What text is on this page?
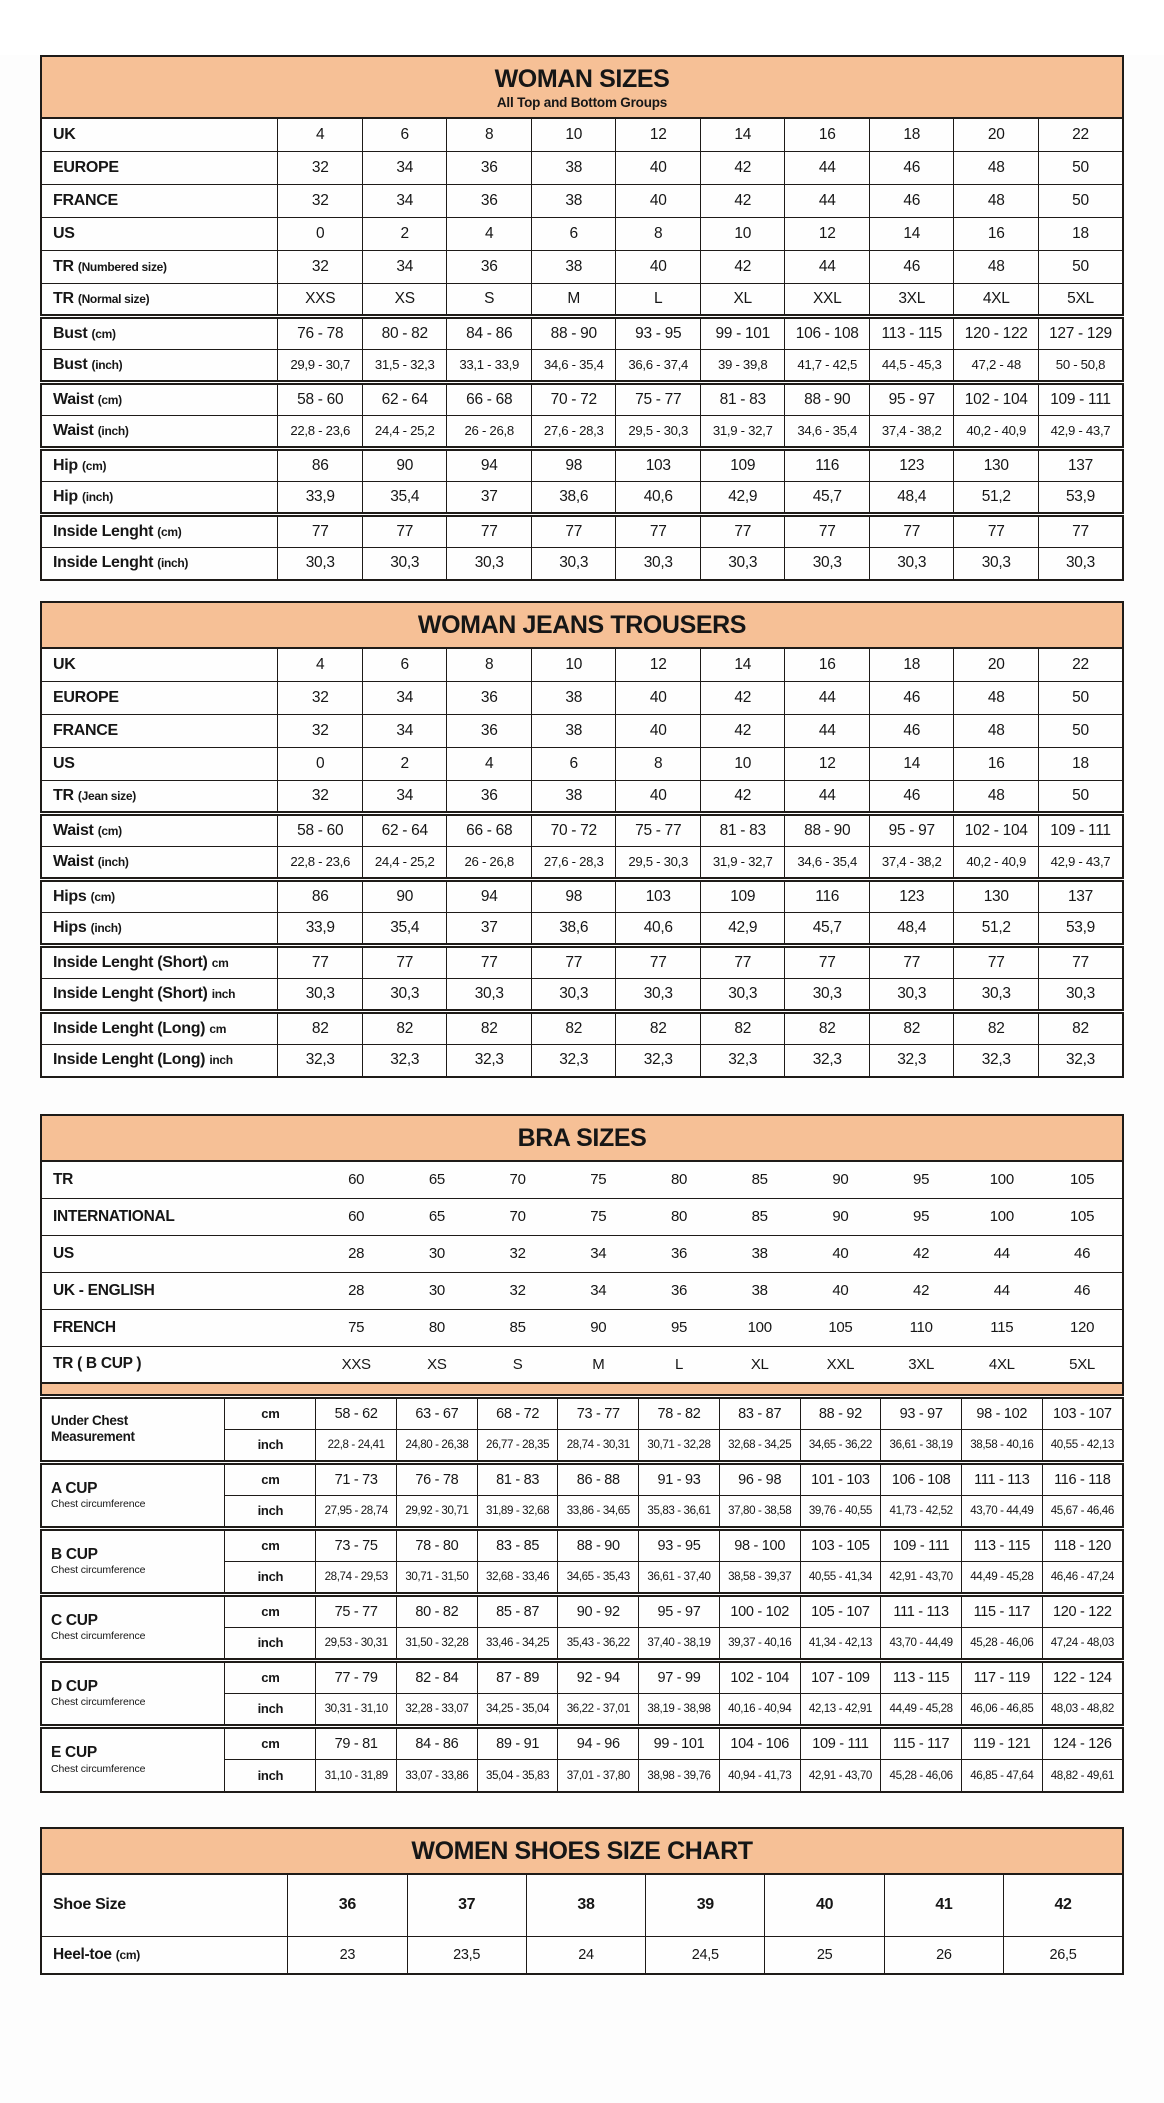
WOMAN SIZES
All Top and Bottom Groups
UK	4	6	8	10	12	14	16	18	20	22
EUROPE	32	34	36	38	40	42	44	46	48	50
FRANCE	32	34	36	38	40	42	44	46	48	50
US	0	2	4	6	8	10	12	14	16	18
TR (Numbered size)	32	34	36	38	40	42	44	46	48	50
TR (Normal size)	XXS	XS	S	M	L	XL	XXL	3XL	4XL	5XL
Bust (cm)	76 - 78	80 - 82	84 - 86	88 - 90	93 - 95	99 - 101	106 - 108	113 - 115	120 - 122	127 - 129
Bust (inch)	29,9 - 30,7	31,5 - 32,3	33,1 - 33,9	34,6 - 35,4	36,6 - 37,4	39 - 39,8	41,7 - 42,5	44,5 - 45,3	47,2 - 48	50 - 50,8
Waist (cm)	58 - 60	62 - 64	66 - 68	70 - 72	75 - 77	81 - 83	88 - 90	95 - 97	102 - 104	109 - 111
Waist (inch)	22,8 - 23,6	24,4 - 25,2	26 - 26,8	27,6 - 28,3	29,5 - 30,3	31,9 - 32,7	34,6 - 35,4	37,4 - 38,2	40,2 - 40,9	42,9 - 43,7
Hip (cm)	86	90	94	98	103	109	116	123	130	137
Hip (inch)	33,9	35,4	37	38,6	40,6	42,9	45,7	48,4	51,2	53,9
Inside Lenght (cm)	77	77	77	77	77	77	77	77	77	77
Inside Lenght (inch)	30,3	30,3	30,3	30,3	30,3	30,3	30,3	30,3	30,3	30,3
WOMAN JEANS TROUSERS
UK	4	6	8	10	12	14	16	18	20	22
EUROPE	32	34	36	38	40	42	44	46	48	50
FRANCE	32	34	36	38	40	42	44	46	48	50
US	0	2	4	6	8	10	12	14	16	18
TR (Jean size)	32	34	36	38	40	42	44	46	48	50
Waist (cm)	58 - 60	62 - 64	66 - 68	70 - 72	75 - 77	81 - 83	88 - 90	95 - 97	102 - 104	109 - 111
Waist (inch)	22,8 - 23,6	24,4 - 25,2	26 - 26,8	27,6 - 28,3	29,5 - 30,3	31,9 - 32,7	34,6 - 35,4	37,4 - 38,2	40,2 - 40,9	42,9 - 43,7
Hips (cm)	86	90	94	98	103	109	116	123	130	137
Hips (inch)	33,9	35,4	37	38,6	40,6	42,9	45,7	48,4	51,2	53,9
Inside Lenght (Short) cm	77	77	77	77	77	77	77	77	77	77
Inside Lenght (Short) inch	30,3	30,3	30,3	30,3	30,3	30,3	30,3	30,3	30,3	30,3
Inside Lenght (Long) cm	82	82	82	82	82	82	82	82	82	82
Inside Lenght (Long) inch	32,3	32,3	32,3	32,3	32,3	32,3	32,3	32,3	32,3	32,3
BRA SIZES
TR		60	65	70	75	80	85	90	95	100	105
INTERNATIONAL		60	65	70	75	80	85	90	95	100	105
US		28	30	32	34	36	38	40	42	44	46
UK - ENGLISH		28	30	32	34	36	38	40	42	44	46
FRENCH		75	80	85	90	95	100	105	110	115	120
TR ( B CUP )		XXS	XS	S	M	L	XL	XXL	3XL	4XL	5XL

Under Chest
Measurement	cm	58 - 62	63 - 67	68 - 72	73 - 77	78 - 82	83 - 87	88 - 92	93 - 97	98 - 102	103 - 107
	inch	22,8 - 24,41	24,80 - 26,38	26,77 - 28,35	28,74 - 30,31	30,71 - 32,28	32,68 - 34,25	34,65 - 36,22	36,61 - 38,19	38,58 - 40,16	40,55 - 42,13

A CUP
Chest circumference	cm	71 - 73	76 - 78	81 - 83	86 - 88	91 - 93	96 - 98	101 - 103	106 - 108	111 - 113	116 - 118
	inch	27,95 - 28,74	29,92 - 30,71	31,89 - 32,68	33,86 - 34,65	35,83 - 36,61	37,80 - 38,58	39,76 - 40,55	41,73 - 42,52	43,70 - 44,49	45,67 - 46,46

B CUP
Chest circumference	cm	73 - 75	78 - 80	83 - 85	88 - 90	93 - 95	98 - 100	103 - 105	109 - 111	113 - 115	118 - 120
	inch	28,74 - 29,53	30,71 - 31,50	32,68 - 33,46	34,65 - 35,43	36,61 - 37,40	38,58 - 39,37	40,55 - 41,34	42,91 - 43,70	44,49 - 45,28	46,46 - 47,24

C CUP
Chest circumference	cm	75 - 77	80 - 82	85 - 87	90 - 92	95 - 97	100 - 102	105 - 107	111 - 113	115 - 117	120 - 122
	inch	29,53 - 30,31	31,50 - 32,28	33,46 - 34,25	35,43 - 36,22	37,40 - 38,19	39,37 - 40,16	41,34 - 42,13	43,70 - 44,49	45,28 - 46,06	47,24 - 48,03

D CUP
Chest circumference	cm	77 - 79	82 - 84	87 - 89	92 - 94	97 - 99	102 - 104	107 - 109	113 - 115	117 - 119	122 - 124
	inch	30,31 - 31,10	32,28 - 33,07	34,25 - 35,04	36,22 - 37,01	38,19 - 38,98	40,16 - 40,94	42,13 - 42,91	44,49 - 45,28	46,06 - 46,85	48,03 - 48,82

E CUP
Chest circumference	cm	79 - 81	84 - 86	89 - 91	94 - 96	99 - 101	104 - 106	109 - 111	115 - 117	119 - 121	124 - 126
	inch	31,10 - 31,89	33,07 - 33,86	35,04 - 35,83	37,01 - 37,80	38,98 - 39,76	40,94 - 41,73	42,91 - 43,70	45,28 - 46,06	46,85 - 47,64	48,82 - 49,61
WOMEN SHOES SIZE CHART
Shoe Size	36	37	38	39	40	41	42
Heel-toe (cm)	23	23,5	24	24,5	25	26	26,5
